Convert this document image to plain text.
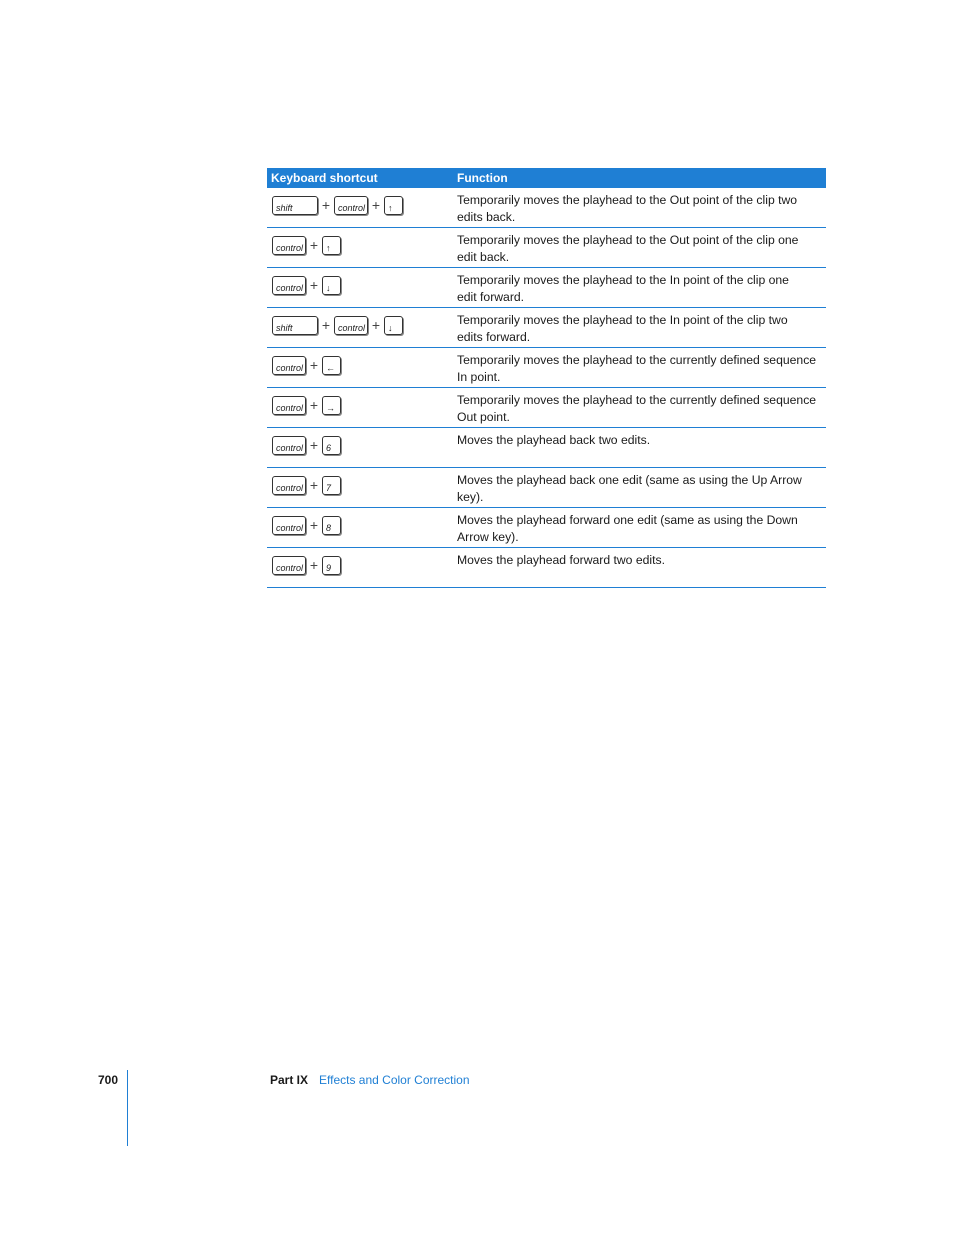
Keyboard shortcut	Function
shift + control + ↑
Temporarily moves the playhead to the Out point of the clip two
edits back.
control + ↑
Temporarily moves the playhead to the Out point of the clip one
edit back.
control + ↓
Temporarily moves the playhead to the In point of the clip one
edit forward.
shift + control + ↓
Temporarily moves the playhead to the In point of the clip two
edits forward.
control + ←
Temporarily moves the playhead to the currently defined sequence
In point.
control + →
Temporarily moves the playhead to the currently defined sequence
Out point.
control + 6
Moves the playhead back two edits.
control + 7
Moves the playhead back one edit (same as using the Up Arrow key).
control + 8
Moves the playhead forward one edit (same as using the Down
Arrow key).
control + 9
Moves the playhead forward two edits.
700	Part IX Effects and Color Correction
